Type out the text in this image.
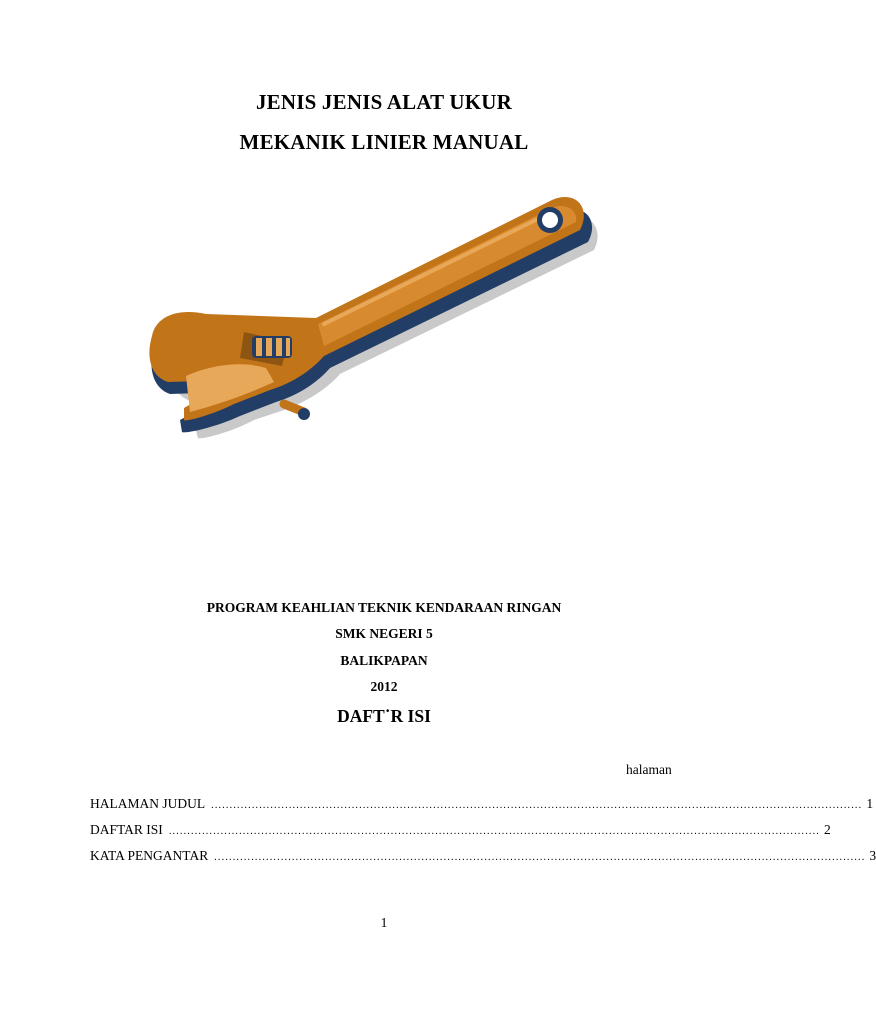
JENIS JENIS ALAT UKUR
MEKANIK LINIER MANUAL
PROGRAM KEAHLIAN TEKNIK KENDARAAN RINGAN
SMK NEGERI 5
BALIKPAPAN
2012
DAFT˙R ISI
halaman
HALAMAN JUDUL ................................................................................................................................................................................ 1
DAFTAR ISI ................................................................................................................................................................................ 2
KATA PENGANTAR ................................................................................................................................................................................ 3
1
